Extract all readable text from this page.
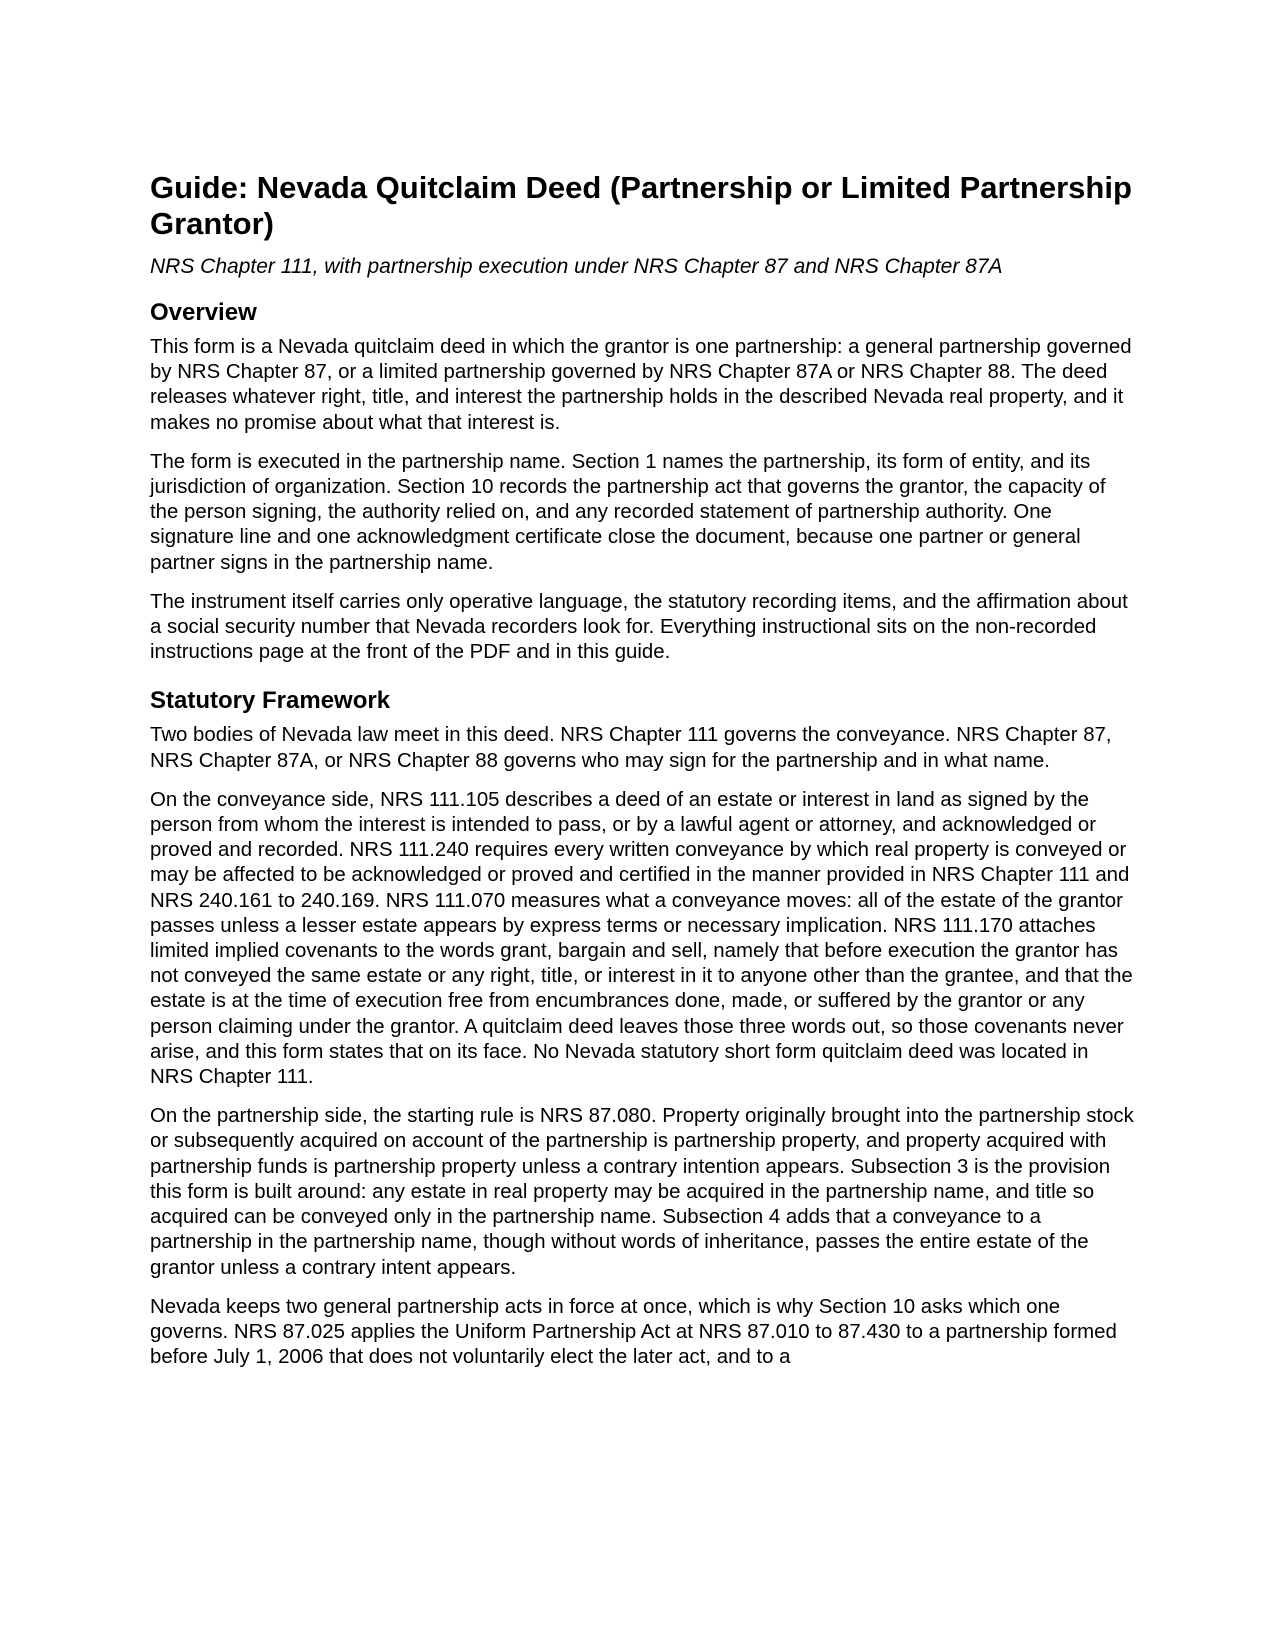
Guide: Nevada Quitclaim Deed (Partnership or Limited Partnership Grantor)
NRS Chapter 111, with partnership execution under NRS Chapter 87 and NRS Chapter 87A
Overview

This form is a Nevada quitclaim deed in which the grantor is one partnership: a general partnership governed by NRS Chapter 87, or a limited partnership governed by NRS Chapter 87A or NRS Chapter 88. The deed releases whatever right, title, and interest the partnership holds in the described Nevada real property, and it makes no promise about what that interest is.

The form is executed in the partnership name. Section 1 names the partnership, its form of entity, and its jurisdiction of organization. Section 10 records the partnership act that governs the grantor, the capacity of the person signing, the authority relied on, and any recorded statement of partnership authority. One signature line and one acknowledgment certificate close the document, because one partner or general partner signs in the partnership name.

The instrument itself carries only operative language, the statutory recording items, and the affirmation about a social security number that Nevada recorders look for. Everything instructional sits on the non-recorded instructions page at the front of the PDF and in this guide.

Statutory Framework

Two bodies of Nevada law meet in this deed. NRS Chapter 111 governs the conveyance. NRS Chapter 87, NRS Chapter 87A, or NRS Chapter 88 governs who may sign for the partnership and in what name.

On the conveyance side, NRS 111.105 describes a deed of an estate or interest in land as signed by the person from whom the interest is intended to pass, or by a lawful agent or attorney, and acknowledged or proved and recorded. NRS 111.240 requires every written conveyance by which real property is conveyed or may be affected to be acknowledged or proved and certified in the manner provided in NRS Chapter 111 and NRS 240.161 to 240.169. NRS 111.070 measures what a conveyance moves: all of the estate of the grantor passes unless a lesser estate appears by express terms or necessary implication. NRS 111.170 attaches limited implied covenants to the words grant, bargain and sell, namely that before execution the grantor has not conveyed the same estate or any right, title, or interest in it to anyone other than the grantee, and that the estate is at the time of execution free from encumbrances done, made, or suffered by the grantor or any person claiming under the grantor. A quitclaim deed leaves those three words out, so those covenants never arise, and this form states that on its face. No Nevada statutory short form quitclaim deed was located in NRS Chapter 111.

On the partnership side, the starting rule is NRS 87.080. Property originally brought into the partnership stock or subsequently acquired on account of the partnership is partnership property, and property acquired with partnership funds is partnership property unless a contrary intention appears. Subsection 3 is the provision this form is built around: any estate in real property may be acquired in the partnership name, and title so acquired can be conveyed only in the partnership name. Subsection 4 adds that a conveyance to a partnership in the partnership name, though without words of inheritance, passes the entire estate of the grantor unless a contrary intent appears.

Nevada keeps two general partnership acts in force at once, which is why Section 10 asks which one governs. NRS 87.025 applies the Uniform Partnership Act at NRS 87.010 to 87.430 to a partnership formed before July 1, 2006 that does not voluntarily elect the later act, and to a
